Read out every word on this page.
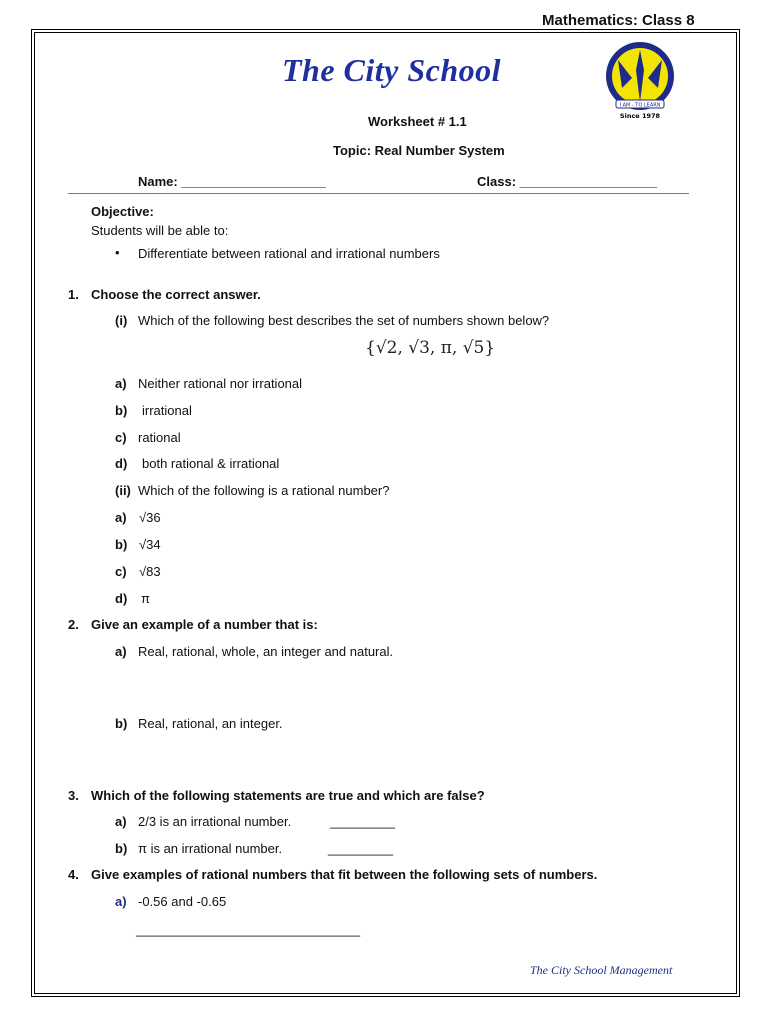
Mathematics: Class 8
The City School
I AM - TO LEARN
Since 1978
Worksheet # 1.1
Topic: Real Number System
Name: ____________________	Class: ___________________
Objective:
Students will be able to:
• Differentiate between rational and irrational numbers
1. Choose the correct answer.
(i) Which of the following best describes the set of numbers shown below?
{√2, √3, π, √5}
a) Neither rational nor irrational
b) irrational
c) rational
d) both rational & irrational
(ii) Which of the following is a rational number?
a) √36
b) √34
c) √83
d) π
2. Give an example of a number that is:
a) Real, rational, whole, an integer and natural.
b) Real, rational, an integer.
3. Which of the following statements are true and which are false?
a) 2/3 is an irrational number.	_________
b) π is an irrational number.	_________
4. Give examples of rational numbers that fit between the following sets of numbers.
a) -0.56 and -0.65
_______________________________
The City School Management
